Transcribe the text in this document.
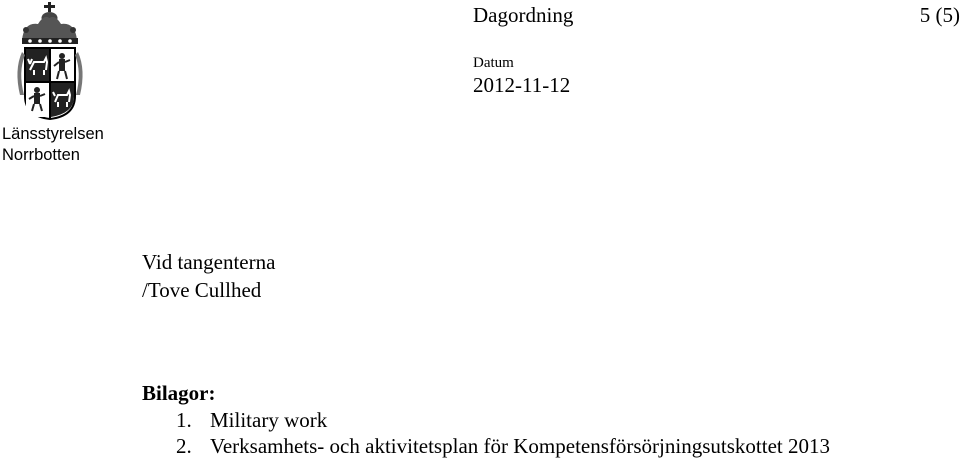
Länsstyrelsen
Norrbotten
Dagordning	5 (5)
Datum
2012-11-12
Vid tangenterna
/Tove Cullhed
Bilagor:
1. Military work
2. Verksamhets- och aktivitetsplan för Kompetensförsörjningsutskottet 2013
